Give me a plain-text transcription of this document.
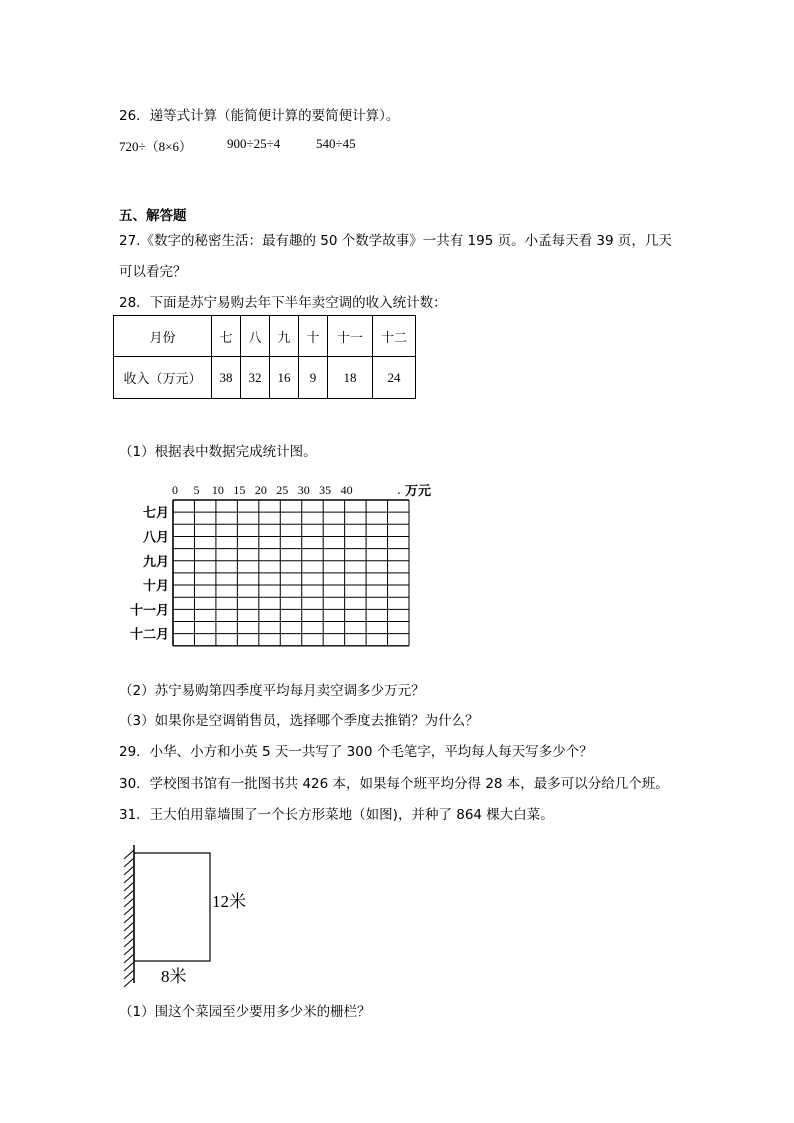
26．递等式计算（能简便计算的要简便计算）。
720÷（8×6）	900÷25÷4	540÷45
五、解答题
27.《数字的秘密生活：最有趣的 50 个数学故事》一共有 195 页。小孟每天看 39 页，几天
可以看完？
28．下面是苏宁易购去年下半年卖空调的收入统计数：
月份	七	八	九	十	十一	十二
收入（万元）	38	32	16	9	18	24
（1）根据表中数据完成统计图。
0 5 10 15 20 25 30 35 40	. 万元
七月
八月
九月
十月
十一月
十二月
（2）苏宁易购第四季度平均每月卖空调多少万元？
（3）如果你是空调销售员，选择哪个季度去推销？为什么？
29．小华、小方和小英 5 天一共写了 300 个毛笔字，平均每人每天写多少个？
30．学校图书馆有一批图书共 426 本，如果每个班平均分得 28 本，最多可以分给几个班。
31．王大伯用靠墙围了一个长方形菜地（如图)，并种了 864 棵大白菜。
12米
8米
（1）围这个菜园至少要用多少米的栅栏？
